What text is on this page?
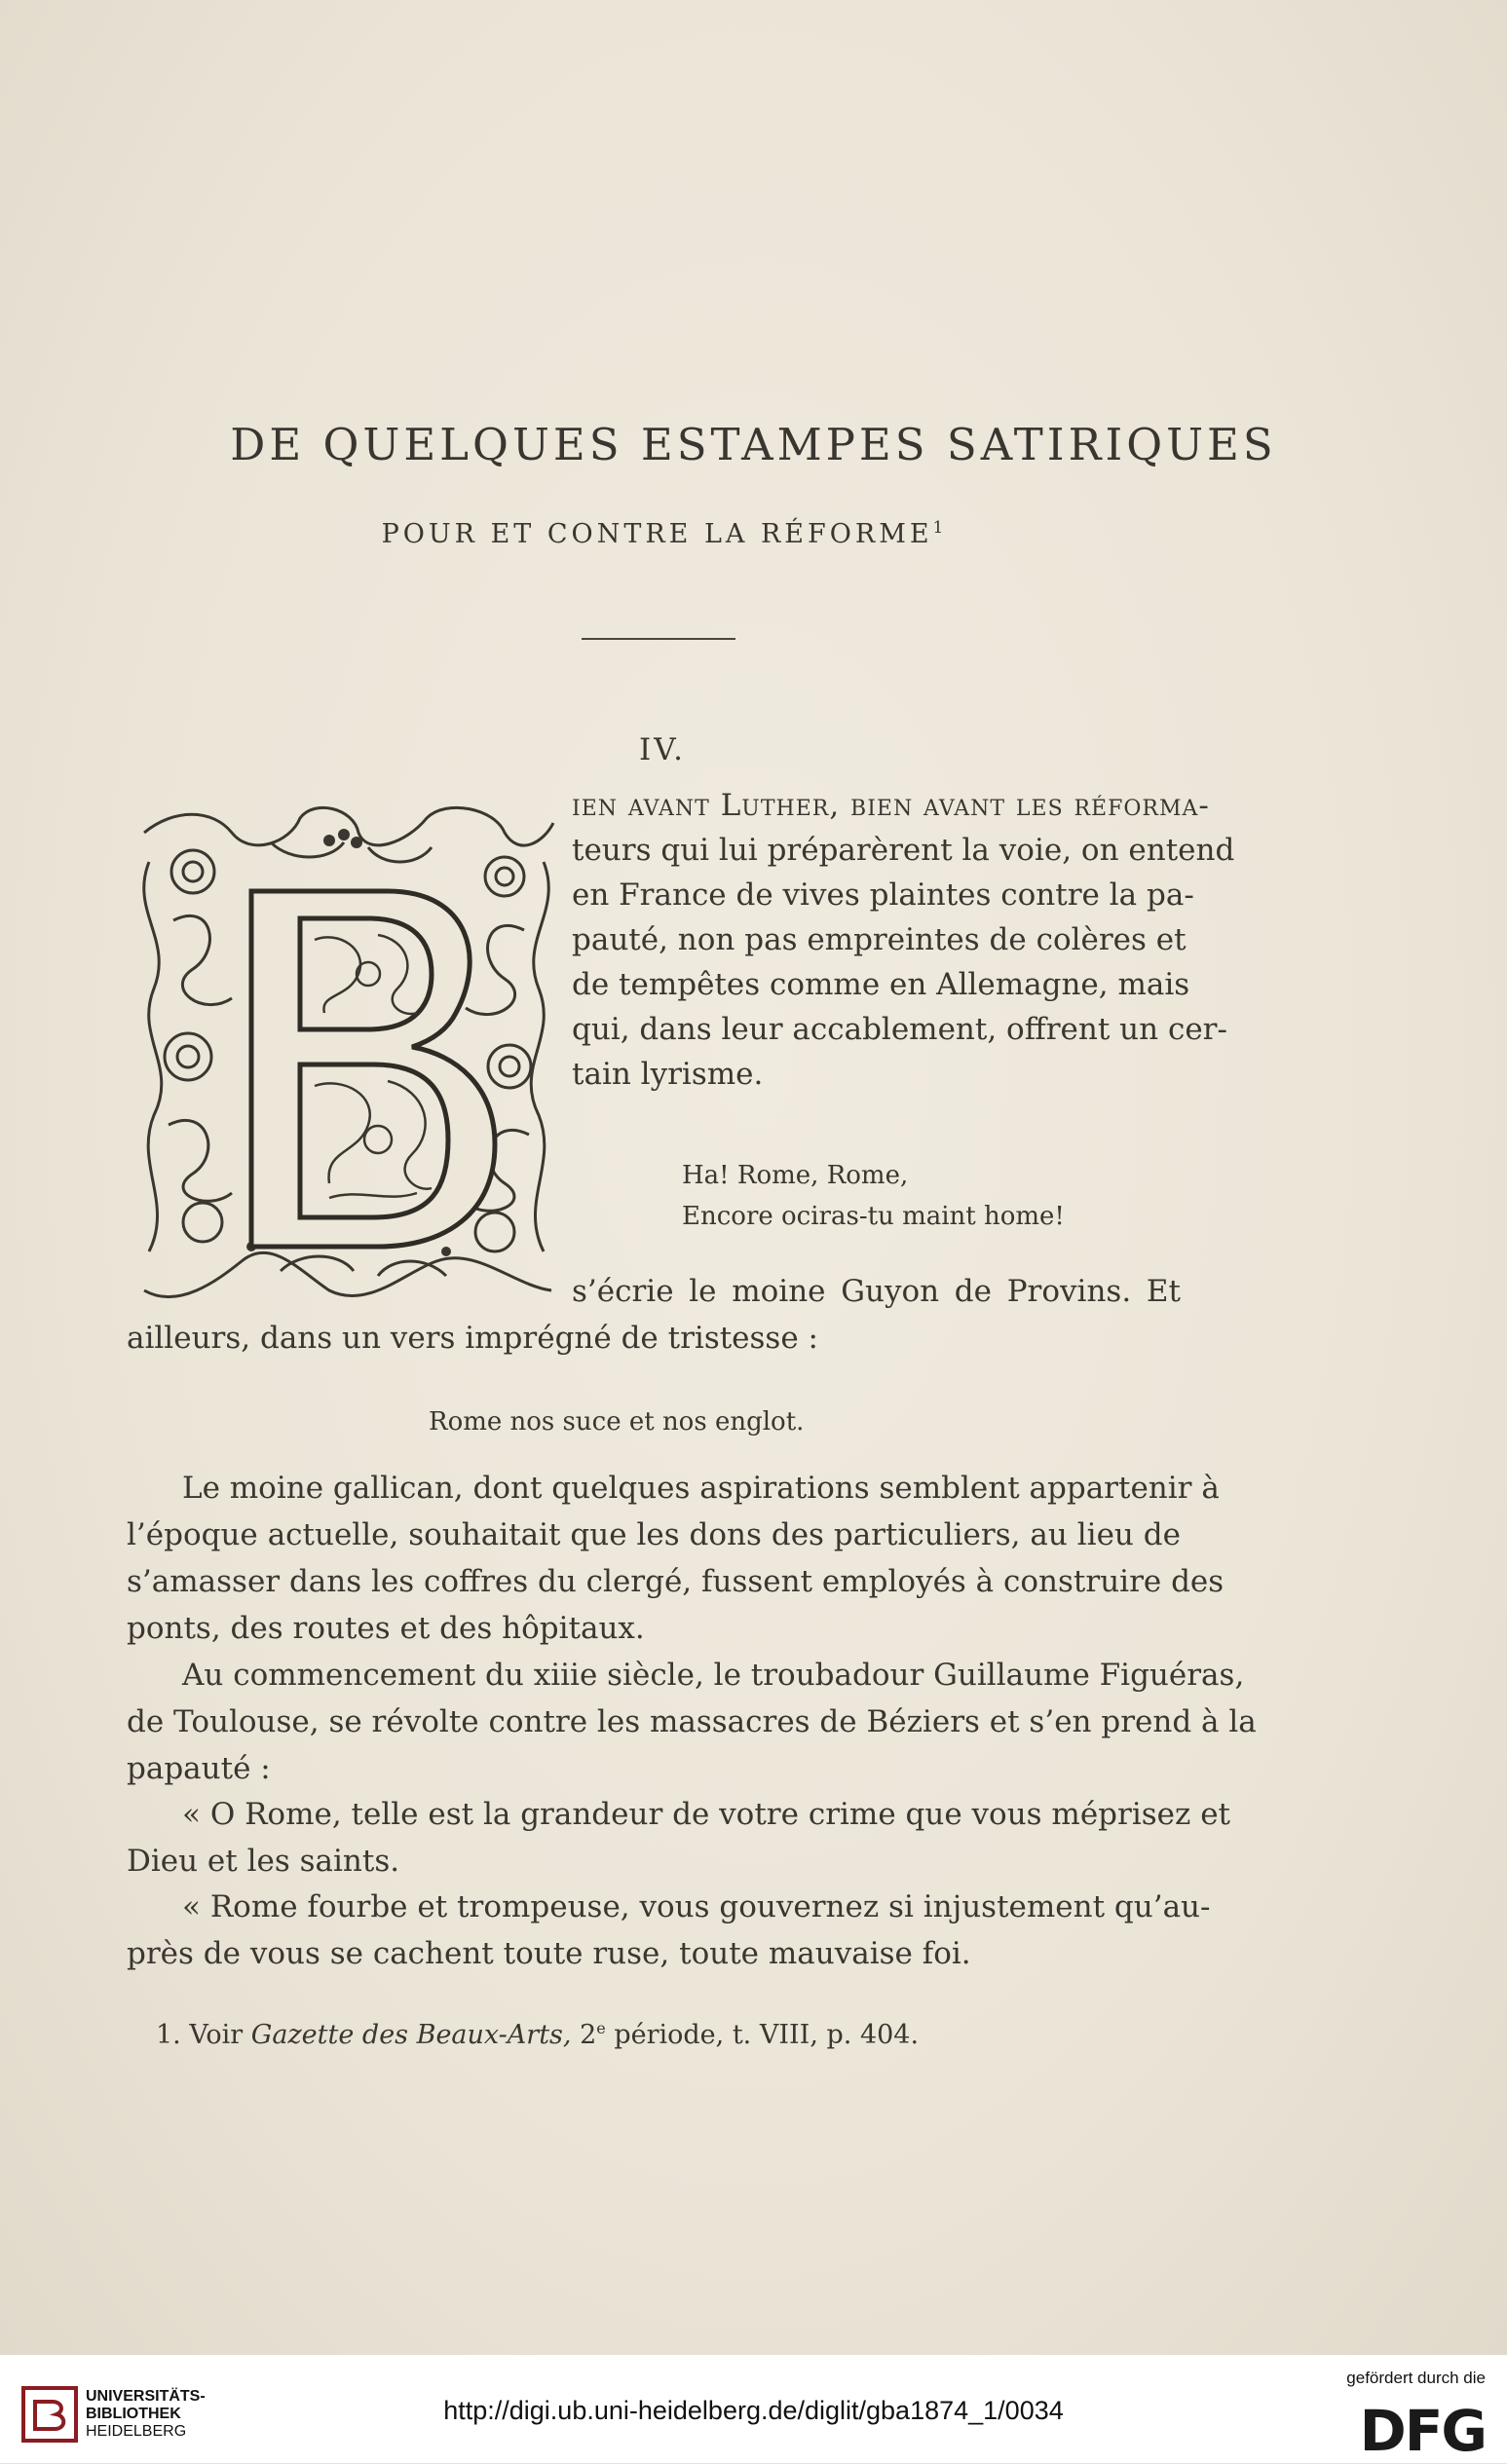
DE QUELQUES ESTAMPES SATIRIQUES
POUR ET CONTRE LA RÉFORME$^1$
IV.
ien avant Luther, bien avant les réforma-
teurs qui lui préparèrent la voie, on entend
en France de vives plaintes contre la pa-
pauté, non pas empreintes de colères et
de tempêtes comme en Allemagne, mais
qui, dans leur accablement, offrent un cer-
tain lyrisme.
Ha! Rome, Rome,
Encore ociras-tu maint home!
s’écrie le moine Guyon de Provins. Et
ailleurs, dans un vers imprégné de tristesse :
Rome nos suce et nos englot.
Le moine gallican, dont quelques aspirations semblent appartenir à
l’époque actuelle, souhaitait que les dons des particuliers, au lieu de
s’amasser dans les coffres du clergé, fussent employés à construire des
ponts, des routes et des hôpitaux.
Au commencement du xiiie siècle, le troubadour Guillaume Figuéras,
de Toulouse, se révolte contre les massacres de Béziers et s’en prend à la
papauté :
« O Rome, telle est la grandeur de votre crime que vous méprisez et
Dieu et les saints.
« Rome fourbe et trompeuse, vous gouvernez si injustement qu’au-
près de vous se cachent toute ruse, toute mauvaise foi.
1. Voir Gazette des Beaux-Arts, 2e période, t. VIII, p. 404.
UNIVERSITÄTS-
BIBLIOTHEK
HEIDELBERG
http://digi.ub.uni-heidelberg.de/diglit/gba1874_1/0034
gefördert durch die
DFG
